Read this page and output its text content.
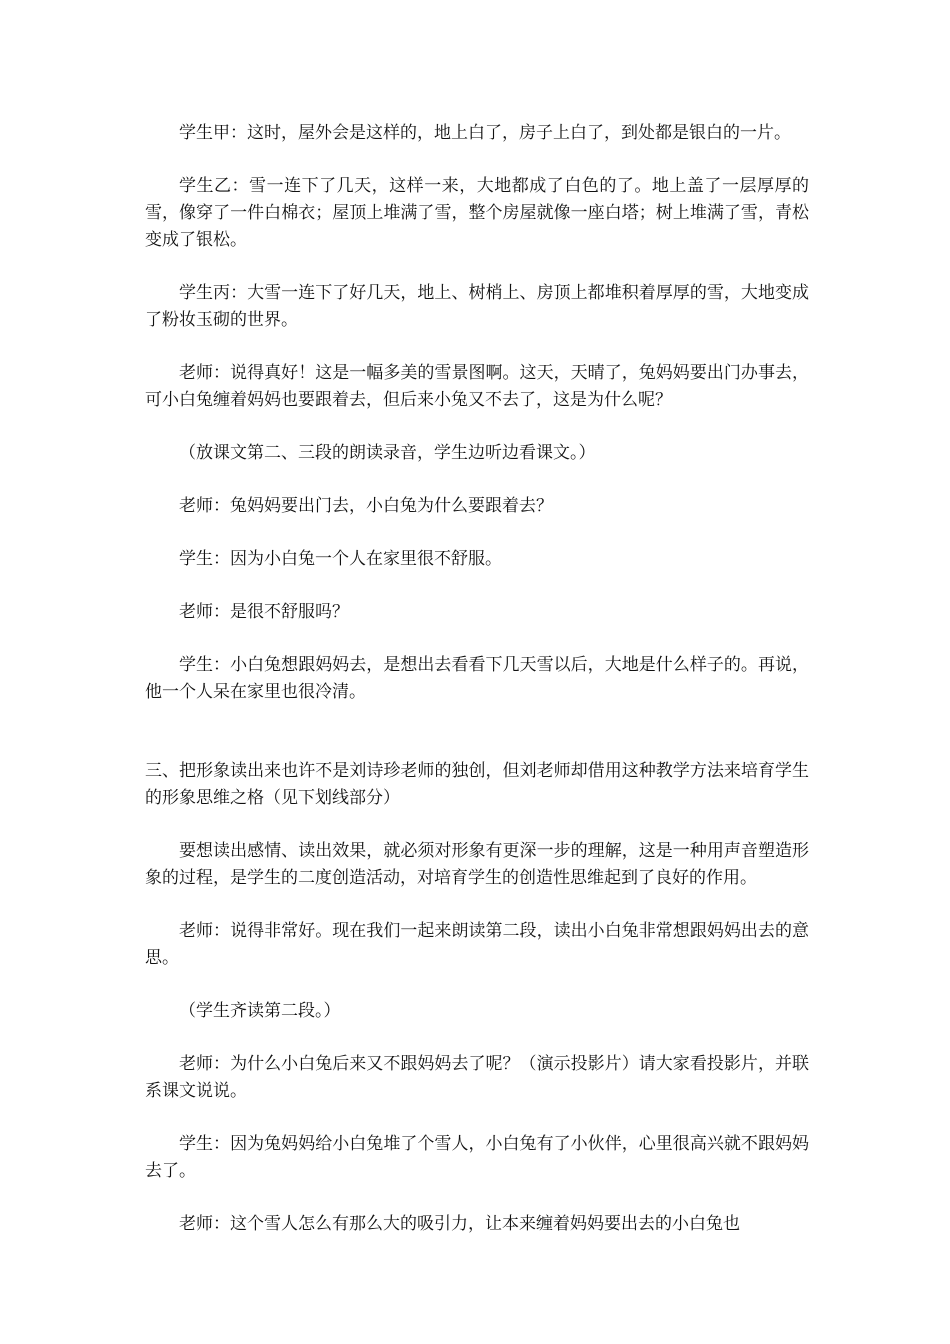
学生甲：这时，屋外会是这样的，地上白了，房子上白了，到处都是银白的一片。

学生乙：雪一连下了几天，这样一来，大地都成了白色的了。地上盖了一层厚厚的雪，像穿了一件白棉衣；屋顶上堆满了雪，整个房屋就像一座白塔；树上堆满了雪，青松变成了银松。

学生丙：大雪一连下了好几天，地上、树梢上、房顶上都堆积着厚厚的雪，大地变成了粉妆玉砌的世界。

老师：说得真好！这是一幅多美的雪景图啊。这天，天晴了，兔妈妈要出门办事去，可小白兔缠着妈妈也要跟着去，但后来小兔又不去了，这是为什么呢？

（放课文第二、三段的朗读录音，学生边听边看课文。）

老师：兔妈妈要出门去，小白兔为什么要跟着去？

学生：因为小白兔一个人在家里很不舒服。

老师：是很不舒服吗？

学生：小白兔想跟妈妈去，是想出去看看下几天雪以后，大地是什么样子的。再说，他一个人呆在家里也很冷清。

三、把形象读出来也许不是刘诗珍老师的独创，但刘老师却借用这种教学方法来培育学生的形象思维之格（见下划线部分）

要想读出感情、读出效果，就必须对形象有更深一步的理解，这是一种用声音塑造形象的过程，是学生的二度创造活动，对培育学生的创造性思维起到了良好的作用。

老师：说得非常好。现在我们一起来朗读第二段，读出小白兔非常想跟妈妈出去的意思。

（学生齐读第二段。）

老师：为什么小白兔后来又不跟妈妈去了呢？（演示投影片）请大家看投影片，并联系课文说说。

学生：因为兔妈妈给小白兔堆了个雪人，小白兔有了小伙伴，心里很高兴就不跟妈妈去了。

老师：这个雪人怎么有那么大的吸引力，让本来缠着妈妈要出去的小白兔也
